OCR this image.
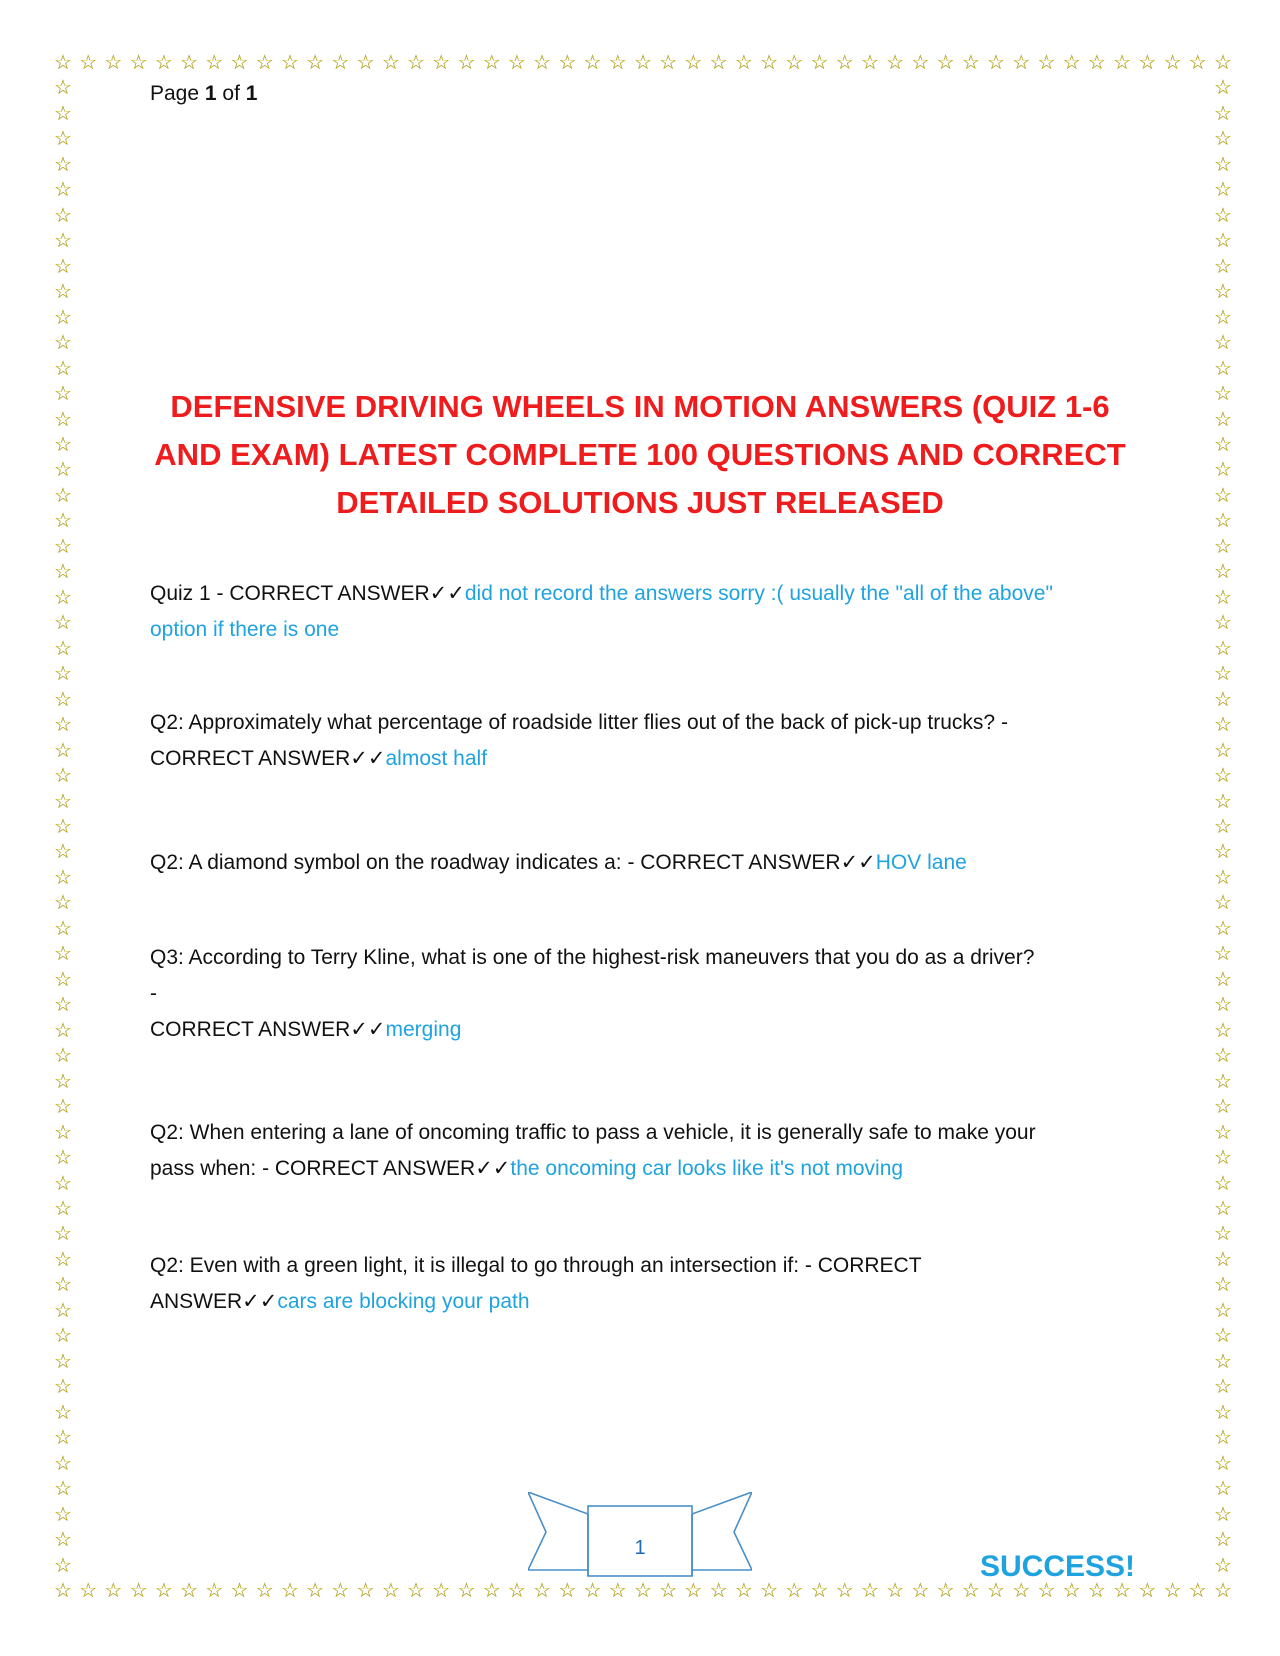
☆
☆
☆
☆
☆
☆
☆
☆
☆
☆
☆
☆
☆
☆
☆
☆
☆
☆
☆
☆
☆
☆
☆
☆
☆
☆
☆
☆
☆
☆
☆
☆
☆
☆
☆
☆
☆
☆
☆
☆
☆
☆
☆
☆
☆
☆
☆
☆
☆
☆
☆
☆
☆
☆
☆
☆
☆
☆
☆
☆
☆
☆
☆
☆
☆
☆
☆
☆
☆
☆
☆
☆
☆
☆
☆
☆
☆
☆
☆
☆
☆
☆
☆
☆
☆
☆
☆
☆
☆
☆
☆
☆
☆
☆
☆	☆
☆	☆
☆	☆
☆	☆
☆	☆
☆	☆
☆	☆
☆	☆
☆	☆
☆	☆
☆	☆
☆	☆
☆	☆
☆	☆
☆	☆
☆	☆
☆	☆
☆	☆
☆	☆
☆	☆
☆	☆
☆	☆
☆	☆
☆	☆
☆	☆
☆	☆
☆	☆
☆	☆
☆	☆
☆	☆
☆	☆
☆	☆
☆	☆
☆	☆
☆	☆
☆	☆
☆	☆
☆	☆
☆	☆
☆	☆
☆	☆
☆	☆
☆	☆
☆	☆
☆	☆
☆	☆
☆	☆
☆	☆
☆	☆
☆	☆
☆	☆
☆	☆
☆	☆
☆	☆
☆	☆
☆	☆
☆	☆
☆	☆
☆	☆
Page 1 of 1
DEFENSIVE DRIVING WHEELS IN MOTION ANSWERS (QUIZ 1-6
AND EXAM) LATEST COMPLETE 100 QUESTIONS AND CORRECT
DETAILED SOLUTIONS JUST RELEASED
Quiz 1 - CORRECT ANSWER✓✓did not record the answers sorry :( usually the "all of the above"
option if there is one
Q2: Approximately what percentage of roadside litter flies out of the back of pick-up trucks? -
CORRECT ANSWER✓✓almost half
Q2: A diamond symbol on the roadway indicates a: - CORRECT ANSWER✓✓HOV lane
Q3: According to Terry Kline, what is one of the highest-risk maneuvers that you do as a driver?
-
CORRECT ANSWER✓✓merging
Q2: When entering a lane of oncoming traffic to pass a vehicle, it is generally safe to make your
pass when: - CORRECT ANSWER✓✓the oncoming car looks like it's not moving
Q2: Even with a green light, it is illegal to go through an intersection if: - CORRECT
ANSWER✓✓cars are blocking your path
1
SUCCESS!
